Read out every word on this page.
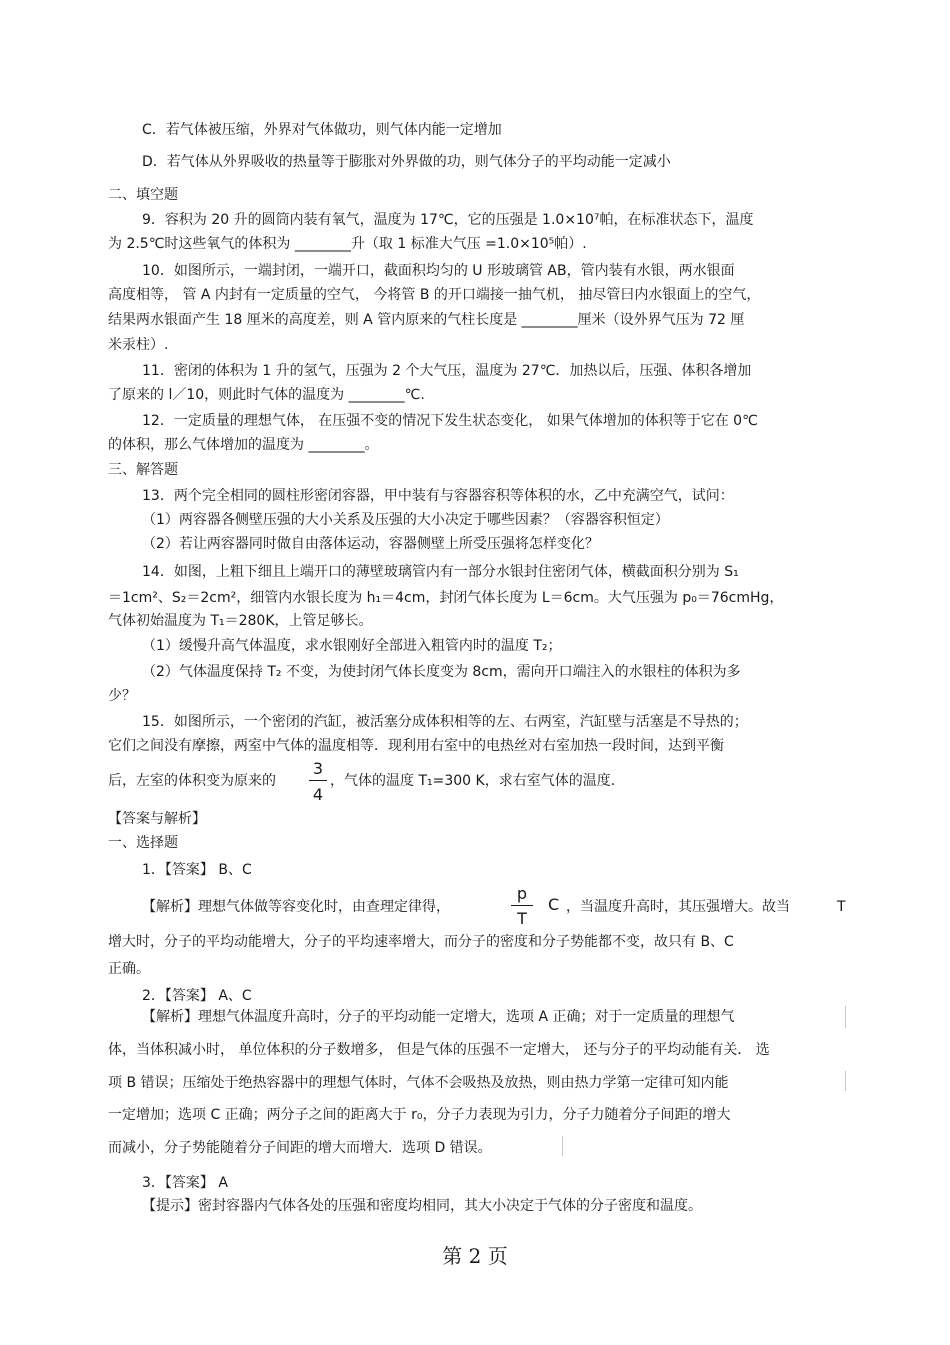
C．若气体被压缩，外界对气体做功，则气体内能一定增加
D．若气体从外界吸收的热量等于膨胀对外界做的功，则气体分子的平均动能一定减小
二、填空题
9．容积为 20 升的圆筒内装有氧气，温度为 17℃，它的压强是 1.0×10⁷帕，在标准状态下，温度
为 2.5℃时这些氧气的体积为 ________升（取 1 标准大气压 =1.0×10⁵帕）.
10．如图所示，一端封闭，一端开口，截面积均匀的 U 形玻璃管 AB，管内装有水银，两水银面
高度相等， 管 A 内封有一定质量的空气， 今将管 B 的开口端接一抽气机， 抽尽管曰内水银面上的空气，
结果两水银面产生 18 厘米的高度差，则 A 管内原来的气柱长度是 ________厘米（设外界气压为 72 厘
米汞柱）.
11．密闭的体积为 1 升的氢气，压强为 2 个大气压，温度为 27℃．加热以后，压强、体积各增加
了原来的 l／10，则此时气体的温度为 ________℃.
12．一定质量的理想气体， 在压强不变的情况下发生状态变化， 如果气体增加的体积等于它在 0℃
的体积，那么气体增加的温度为 ________。
三、解答题
13．两个完全相同的圆柱形密闭容器，甲中装有与容器容积等体积的水，乙中充满空气，试问：
（1）两容器各侧壁压强的大小关系及压强的大小决定于哪些因素？（容器容积恒定）
（2）若让两容器同时做自由落体运动，容器侧壁上所受压强将怎样变化？
14．如图，上粗下细且上端开口的薄壁玻璃管内有一部分水银封住密闭气体，横截面积分别为 S₁
＝1cm²、S₂＝2cm²，细管内水银长度为 h₁＝4cm，封闭气体长度为 L＝6cm。大气压强为 p₀＝76cmHg，
气体初始温度为 T₁＝280K，上管足够长。
（1）缓慢升高气体温度，求水银刚好全部进入粗管内时的温度 T₂；
（2）气体温度保持 T₂ 不变，为使封闭气体长度变为 8cm，需向开口端注入的水银柱的体积为多
少？
15．如图所示，一个密闭的汽缸，被活塞分成体积相等的左、右两室，汽缸壁与活塞是不导热的；
它们之间没有摩擦，两室中气体的温度相等．现利用右室中的电热丝对右室加热一段时间，达到平衡
【答案与解析】
一、选择题
1．【答案】 B、C
增大时，分子的平均动能增大，分子的平均速率增大，而分子的密度和分子势能都不变，故只有 B、C
正确。
2．【答案】 A、C
【解析】理想气体温度升高时，分子的平均动能一定增大，选项 A 正确；对于一定质量的理想气
体，当体积减小时， 单位体积的分子数增多， 但是气体的压强不一定增大， 还与分子的平均动能有关． 选
项 B 错误；压缩处于绝热容器中的理想气体时，气体不会吸热及放热，则由热力学第一定律可知内能
一定增加；选项 C 正确；两分子之间的距离大于 r₀，分子力表现为引力，分子力随着分子间距的增大
而减小，分子势能随着分子间距的增大而增大．选项 D 错误。
3．【答案】 A
【提示】密封容器内气体各处的压强和密度均相同，其大小决定于气体的分子密度和温度。
后，左室的体积变为原来的
3
4
，气体的温度 T₁=300 K，求右室气体的温度.
【解析】理想气体做等容变化时，由查理定律得，
p
T
C ，当温度升高时，其压强增大。故当	T
第 2 页
